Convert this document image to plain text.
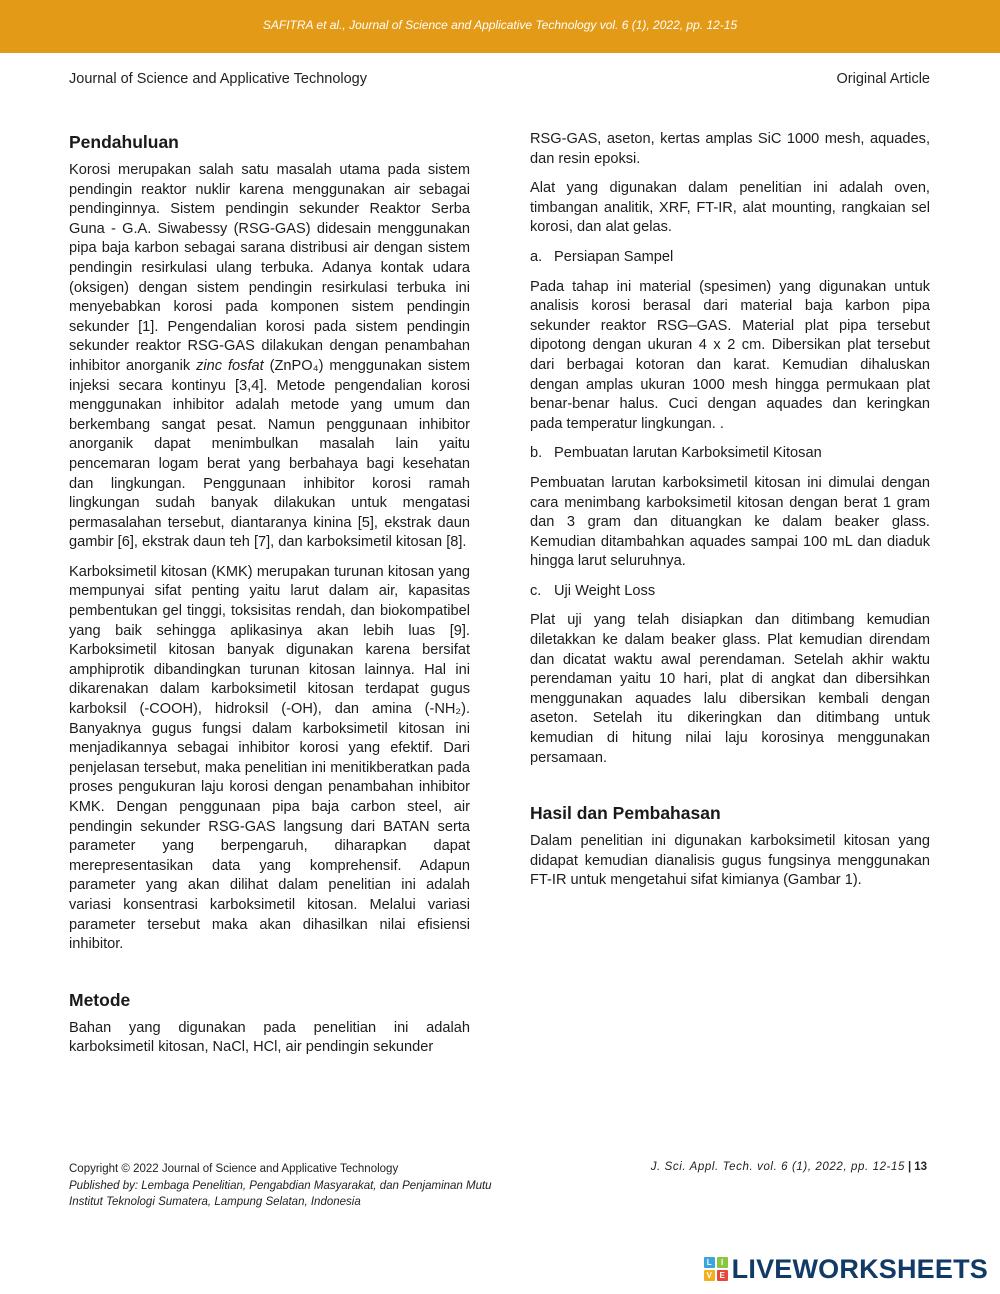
SAFITRA et al., Journal of Science and Applicative Technology vol. 6 (1), 2022, pp. 12-15
Journal of Science and Applicative Technology	Original Article
Pendahuluan

Korosi merupakan salah satu masalah utama pada sistem pendingin reaktor nuklir karena menggunakan air sebagai pendinginnya. Sistem pendingin sekunder Reaktor Serba Guna - G.A. Siwabessy (RSG-GAS) didesain menggunakan pipa baja karbon sebagai sarana distribusi air dengan sistem pendingin resirkulasi ulang terbuka. Adanya kontak udara (oksigen) dengan sistem pendingin resirkulasi terbuka ini menyebabkan korosi pada komponen sistem pendingin sekunder [1]. Pengendalian korosi pada sistem pendingin sekunder reaktor RSG-GAS dilakukan dengan penambahan inhibitor anorganik zinc fosfat (ZnPO₄) menggunakan sistem injeksi secara kontinyu [3,4]. Metode pengendalian korosi menggunakan inhibitor adalah metode yang umum dan berkembang sangat pesat. Namun penggunaan inhibitor anorganik dapat menimbulkan masalah lain yaitu pencemaran logam berat yang berbahaya bagi kesehatan dan lingkungan. Penggunaan inhibitor korosi ramah lingkungan sudah banyak dilakukan untuk mengatasi permasalahan tersebut, diantaranya kinina [5], ekstrak daun gambir [6], ekstrak daun teh [7], dan karboksimetil kitosan [8].

Karboksimetil kitosan (KMK) merupakan turunan kitosan yang mempunyai sifat penting yaitu larut dalam air, kapasitas pembentukan gel tinggi, toksisitas rendah, dan biokompatibel yang baik sehingga aplikasinya akan lebih luas [9]. Karboksimetil kitosan banyak digunakan karena bersifat amphiprotik dibandingkan turunan kitosan lainnya. Hal ini dikarenakan dalam karboksimetil kitosan terdapat gugus karboksil (-COOH), hidroksil (-OH), dan amina (-NH₂). Banyaknya gugus fungsi dalam karboksimetil kitosan ini menjadikannya sebagai inhibitor korosi yang efektif. Dari penjelasan tersebut, maka penelitian ini menitikberatkan pada proses pengukuran laju korosi dengan penambahan inhibitor KMK. Dengan penggunaan pipa baja carbon steel, air pendingin sekunder RSG-GAS langsung dari BATAN serta parameter yang berpengaruh, diharapkan dapat merepresentasikan data yang komprehensif. Adapun parameter yang akan dilihat dalam penelitian ini adalah variasi konsentrasi karboksimetil kitosan. Melalui variasi parameter tersebut maka akan dihasilkan nilai efisiensi inhibitor.

Metode

Bahan yang digunakan pada penelitian ini adalah karboksimetil kitosan, NaCl, HCl, air pendingin sekunder

RSG-GAS, aseton, kertas amplas SiC 1000 mesh, aquades, dan resin epoksi.

Alat yang digunakan dalam penelitian ini adalah oven, timbangan analitik, XRF, FT-IR, alat mounting, rangkaian sel korosi, dan alat gelas.

a. Persiapan Sampel

Pada tahap ini material (spesimen) yang digunakan untuk analisis korosi berasal dari material baja karbon pipa sekunder reaktor RSG–GAS. Material plat pipa tersebut dipotong dengan ukuran 4 x 2 cm. Dibersikan plat tersebut dari berbagai kotoran dan karat. Kemudian dihaluskan dengan amplas ukuran 1000 mesh hingga permukaan plat benar-benar halus. Cuci dengan aquades dan keringkan pada temperatur lingkungan. .

b. Pembuatan larutan Karboksimetil Kitosan

Pembuatan larutan karboksimetil kitosan ini dimulai dengan cara menimbang karboksimetil kitosan dengan berat 1 gram dan 3 gram dan dituangkan ke dalam beaker glass. Kemudian ditambahkan aquades sampai 100 mL dan diaduk hingga larut seluruhnya.

c. Uji Weight Loss

Plat uji yang telah disiapkan dan ditimbang kemudian diletakkan ke dalam beaker glass. Plat kemudian direndam dan dicatat waktu awal perendaman. Setelah akhir waktu perendaman yaitu 10 hari, plat di angkat dan dibersihkan menggunakan aquades lalu dibersikan kembali dengan aseton. Setelah itu dikeringkan dan ditimbang untuk kemudian di hitung nilai laju korosinya menggunakan persamaan.

Hasil dan Pembahasan

Dalam penelitian ini digunakan karboksimetil kitosan yang didapat kemudian dianalisis gugus fungsinya menggunakan FT-IR untuk mengetahui sifat kimianya (Gambar 1).

Copyright © 2022 Journal of Science and Applicative Technology
Published by: Lembaga Penelitian, Pengabdian Masyarakat, dan Penjaminan Mutu
Institut Teknologi Sumatera, Lampung Selatan, Indonesia
J. Sci. Appl. Tech. vol. 6 (1), 2022, pp. 12-15 | 13
L	I
V E LIVEWORKSHEETS
